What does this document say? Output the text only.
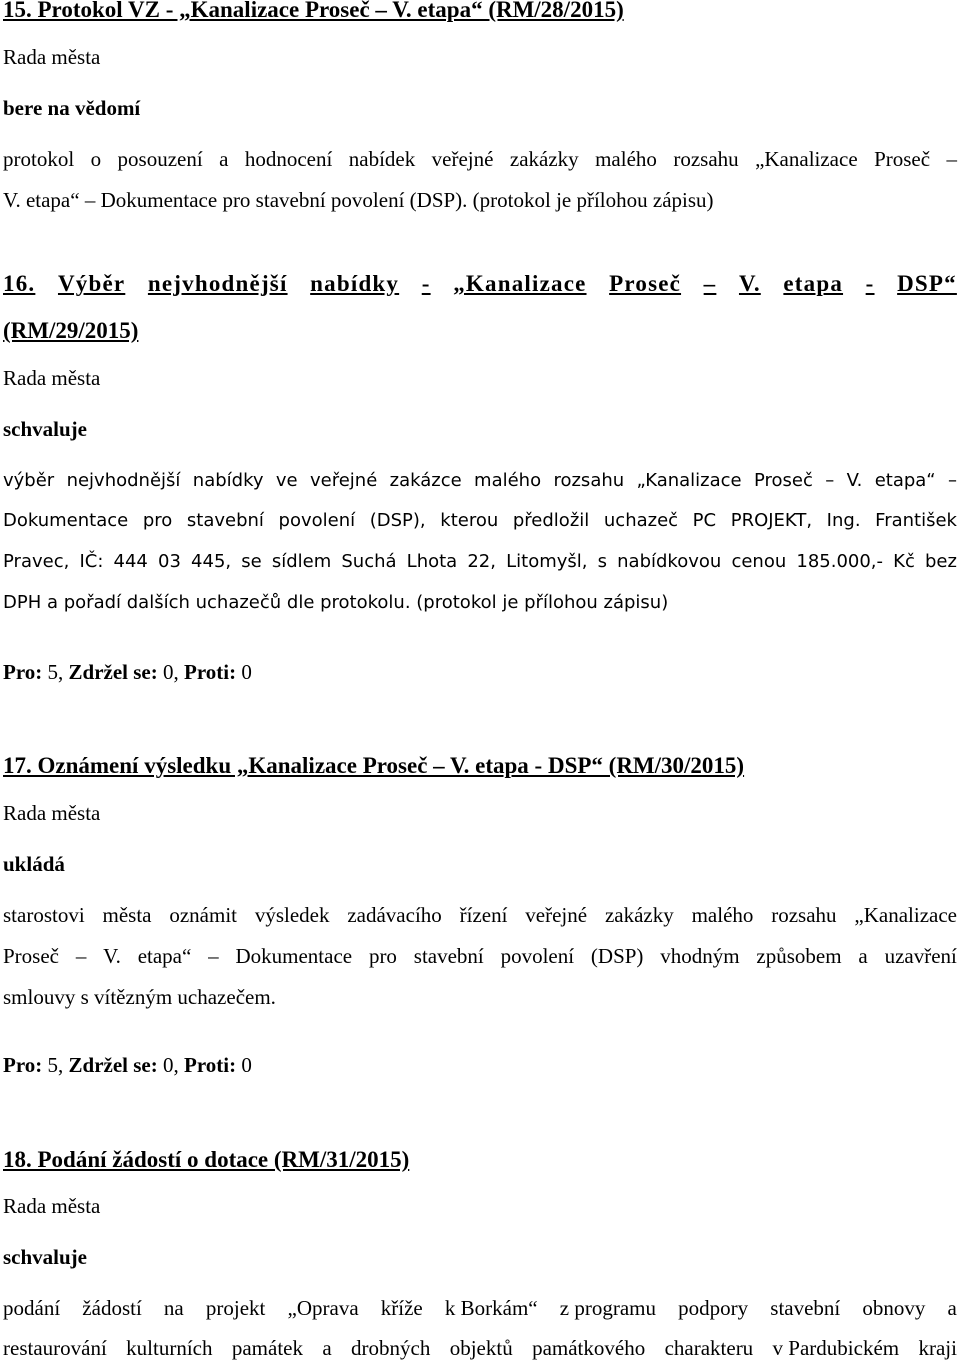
15. Protokol VZ - „Kanalizace Proseč – V. etapa“ (RM/28/2015)
Rada města
bere na vědomí
protokol o posouzení a hodnocení nabídek veřejné zakázky malého rozsahu „Kanalizace Proseč –
V. etapa“ – Dokumentace pro stavební povolení (DSP). (protokol je přílohou zápisu)
16. Výběr nejvhodnější nabídky - „Kanalizace Proseč – V. etapa - DSP“
(RM/29/2015)
Rada města
schvaluje
výběr nejvhodnější nabídky ve veřejné zakázce malého rozsahu „Kanalizace Proseč – V. etapa“ –
Dokumentace pro stavební povolení (DSP), kterou předložil uchazeč PC PROJEKT, Ing. František
Pravec, IČ: 444 03 445, se sídlem Suchá Lhota 22, Litomyšl, s nabídkovou cenou 185.000,- Kč bez
DPH a pořadí dalších uchazečů dle protokolu. (protokol je přílohou zápisu)
Pro: 5, Zdržel se: 0, Proti: 0
17. Oznámení výsledku „Kanalizace Proseč – V. etapa - DSP“ (RM/30/2015)
Rada města
ukládá
starostovi města oznámit výsledek zadávacího řízení veřejné zakázky malého rozsahu „Kanalizace
Proseč – V. etapa“ – Dokumentace pro stavební povolení (DSP) vhodným způsobem a uzavření
smlouvy s vítězným uchazečem.
Pro: 5, Zdržel se: 0, Proti: 0
18. Podání žádostí o dotace (RM/31/2015)
Rada města
schvaluje
podání žádostí na projekt „Oprava kříže k Borkám“ z programu podpory stavební obnovy a
restaurování kulturních památek a drobných objektů památkového charakteru v Pardubickém kraji
